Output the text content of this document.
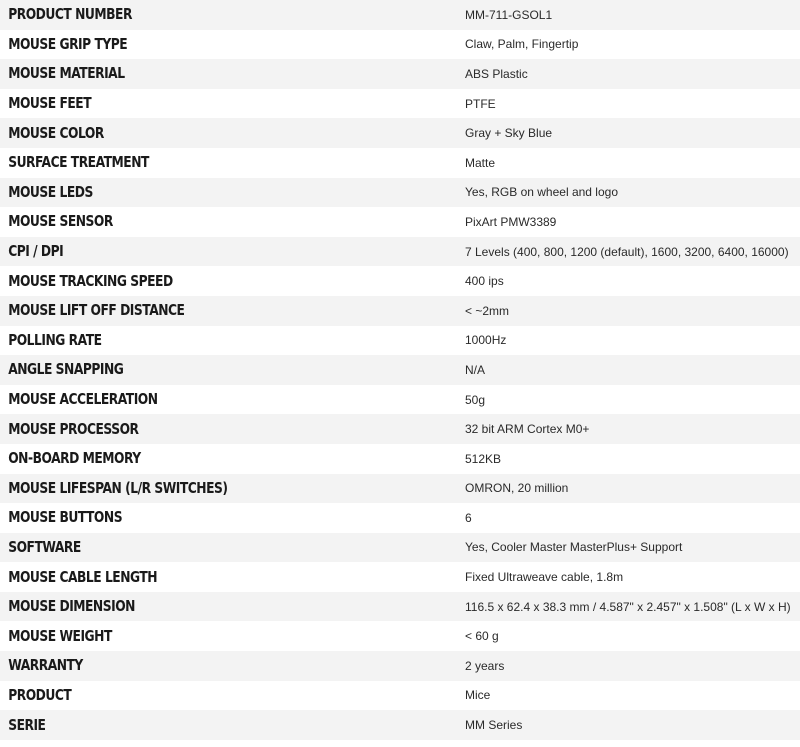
PRODUCT NUMBER	MM-711-GSOL1
MOUSE GRIP TYPE	Claw, Palm, Fingertip
MOUSE MATERIAL	ABS Plastic
MOUSE FEET	PTFE
MOUSE COLOR	Gray + Sky Blue
SURFACE TREATMENT	Matte
MOUSE LEDS	Yes, RGB on wheel and logo
MOUSE SENSOR	PixArt PMW3389
CPI / DPI	7 Levels (400, 800, 1200 (default), 1600, 3200, 6400, 16000)
MOUSE TRACKING SPEED	400 ips
MOUSE LIFT OFF DISTANCE	< ~2mm
POLLING RATE	1000Hz
ANGLE SNAPPING	N/A
MOUSE ACCELERATION	50g
MOUSE PROCESSOR	32 bit ARM Cortex M0+
ON-BOARD MEMORY	512KB
MOUSE LIFESPAN (L/R SWITCHES)	OMRON, 20 million
MOUSE BUTTONS	6
SOFTWARE	Yes, Cooler Master MasterPlus+ Support
MOUSE CABLE LENGTH	Fixed Ultraweave cable, 1.8m
MOUSE DIMENSION	116.5 x 62.4 x 38.3 mm / 4.587" x 2.457" x 1.508" (L x W x H)
MOUSE WEIGHT	< 60 g
WARRANTY	2 years
PRODUCT	Mice
SERIE	MM Series
